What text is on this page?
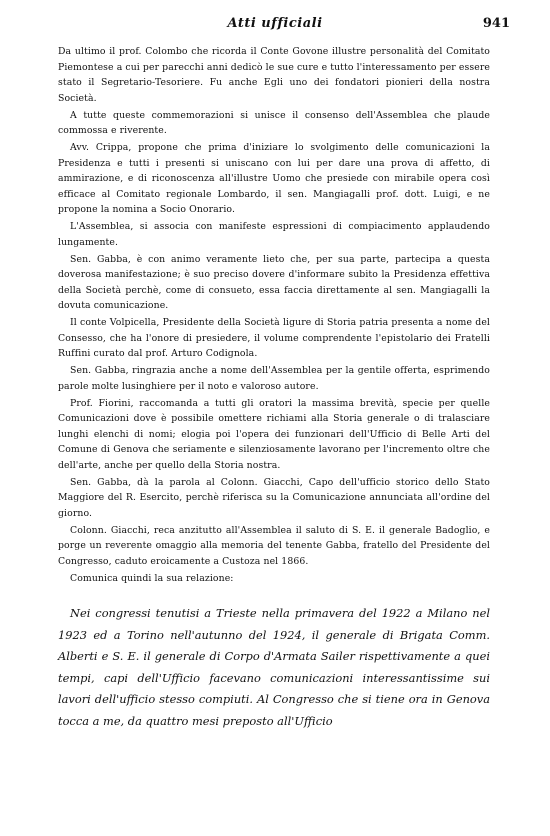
Atti ufficiali	941

Da ultimo il prof. Colombo che ricorda il Conte Govone illustre personalità del Comitato Piemontese a cui per parecchi anni dedicò le sue cure e tutto l'interessamento per essere stato il Segretario-Tesoriere. Fu anche Egli uno dei fondatori pionieri della nostra Società.

A tutte queste commemorazioni si unisce il consenso dell'Assemblea che plaude commossa e riverente.

Avv. Crippa, propone che prima d'iniziare lo svolgimento delle comunicazioni la Presidenza e tutti i presenti si uniscano con lui per dare una prova di affetto, di ammirazione, e di riconoscenza all'illustre Uomo che presiede con mirabile opera così efficace al Comitato regionale Lombardo, il sen. Mangiagalli prof. dott. Luigi, e ne propone la nomina a Socio Onorario.

L'Assemblea, si associa con manifeste espressioni di compiacimento applaudendo lungamente.

Sen. Gabba, è con animo veramente lieto che, per sua parte, partecipa a questa doverosa manifestazione; è suo preciso dovere d'informare subito la Presidenza effettiva della Società perchè, come di consueto, essa faccia direttamente al sen. Mangiagalli la dovuta comunicazione.

Il conte Volpicella, Presidente della Società ligure di Storia patria presenta a nome del Consesso, che ha l'onore di presiedere, il volume comprendente l'epistolario dei Fratelli Ruffini curato dal prof. Arturo Codignola.

Sen. Gabba, ringrazia anche a nome dell'Assemblea per la gentile offerta, esprimendo parole molte lusinghiere per il noto e valoroso autore.

Prof. Fiorini, raccomanda a tutti gli oratori la massima brevità, specie per quelle Comunicazioni dove è possibile omettere richiami alla Storia generale o di tralasciare lunghi elenchi di nomi; elogia poi l'opera dei funzionari dell'Ufficio di Belle Arti del Comune di Genova che seriamente e silenziosamente lavorano per l'incremento oltre che dell'arte, anche per quello della Storia nostra.

Sen. Gabba, dà la parola al Colonn. Giacchi, Capo dell'ufficio storico dello Stato Maggiore del R. Esercito, perchè riferisca su la Comunicazione annunciata all'ordine del giorno.

Colonn. Giacchi, reca anzitutto all'Assemblea il saluto di S. E. il generale Badoglio, e porge un reverente omaggio alla memoria del tenente Gabba, fratello del Presidente del Congresso, caduto eroicamente a Custoza nel 1866.

Comunica quindi la sua relazione:

Nei congressi tenutisi a Trieste nella primavera del 1922 a Milano nel 1923 ed a Torino nell'autunno del 1924, il generale di Brigata Comm. Alberti e S. E. il generale di Corpo d'Armata Sailer rispettivamente a quei tempi, capi dell'Ufficio facevano comunicazioni interessantissime sui lavori dell'ufficio stesso compiuti. Al Congresso che si tiene ora in Genova tocca a me, da quattro mesi preposto all'Ufficio
